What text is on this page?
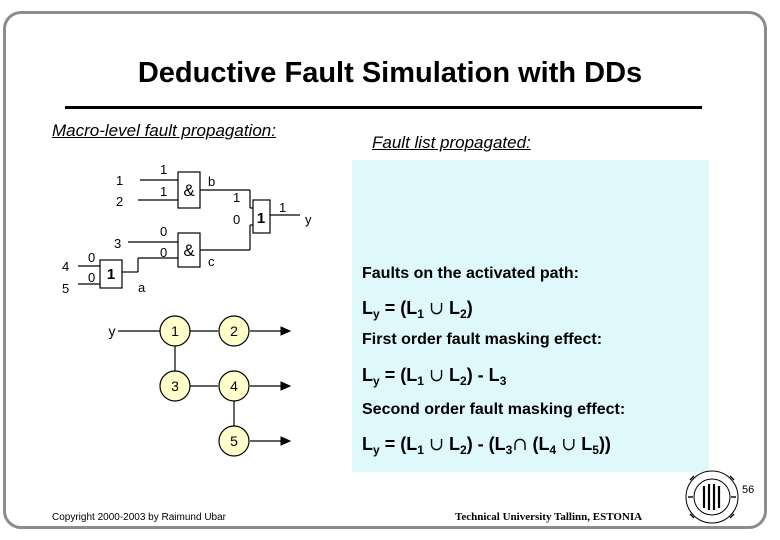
Deductive Fault Simulation with DDs
Macro-level fault propagation:
Fault list propagated:
Faults on the activated path:
$L_y = (L_1$ ∪ $L_2$)
First order fault masking effect:
$L_y = (L_1$ ∪ $L_2) - L_3$
Second order fault masking effect:
$L_y = (L_1$ ∪ $L_2$) - ($L_3\cap$ ($L_4$ ∪ $L_5$))
&
&
1
1
1
2
3
4
5
1
1
0
0
0
0
a
b
c
y
1
0
1
y	1	2
3	4
5
56
Copyright 2000-2003 by Raimund Ubar	Technical University Tallinn, ESTONIA
